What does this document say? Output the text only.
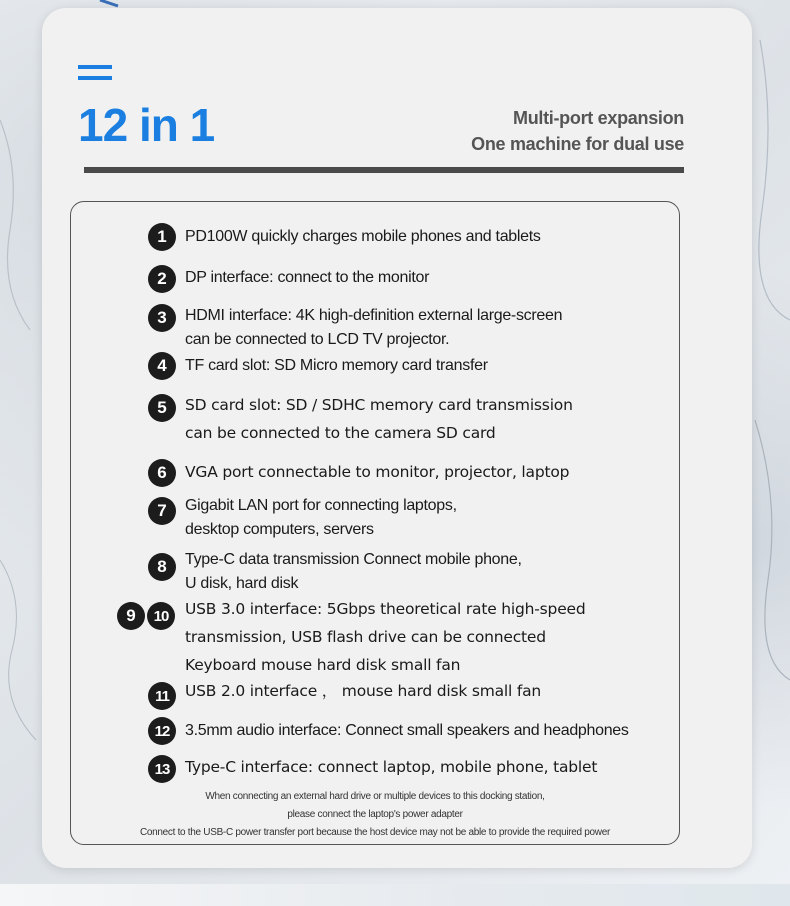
12 in 1	Multi-port expansion
One machine for dual use
1	PD100W quickly charges mobile phones and tablets
2	DP interface: connect to the monitor
3	HDMI interface: 4K high-definition external large-screen
can be connected to LCD TV projector.
4	TF card slot: SD Micro memory card transfer
5	SD card slot: SD / SDHC memory card transmission
can be connected to the camera SD card
6	VGA port connectable to monitor, projector, laptop
7	Gigabit LAN port for connecting laptops,
desktop computers, servers
8	Type-C data transmission Connect mobile phone,
U disk, hard disk
9	10	USB 3.0 interface: 5Gbps theoretical rate high-speed
transmission, USB flash drive can be connected
Keyboard mouse hard disk small fan
11	USB 2.0 interface ， mouse hard disk small fan
12 3.5mm audio interface: Connect small speakers and headphones
13	Type-C interface: connect laptop, mobile phone, tablet
When connecting an external hard drive or multiple devices to this docking station,
please connect the laptop's power adapter
Connect to the USB-C power transfer port because the host device may not be able to provide the required power
